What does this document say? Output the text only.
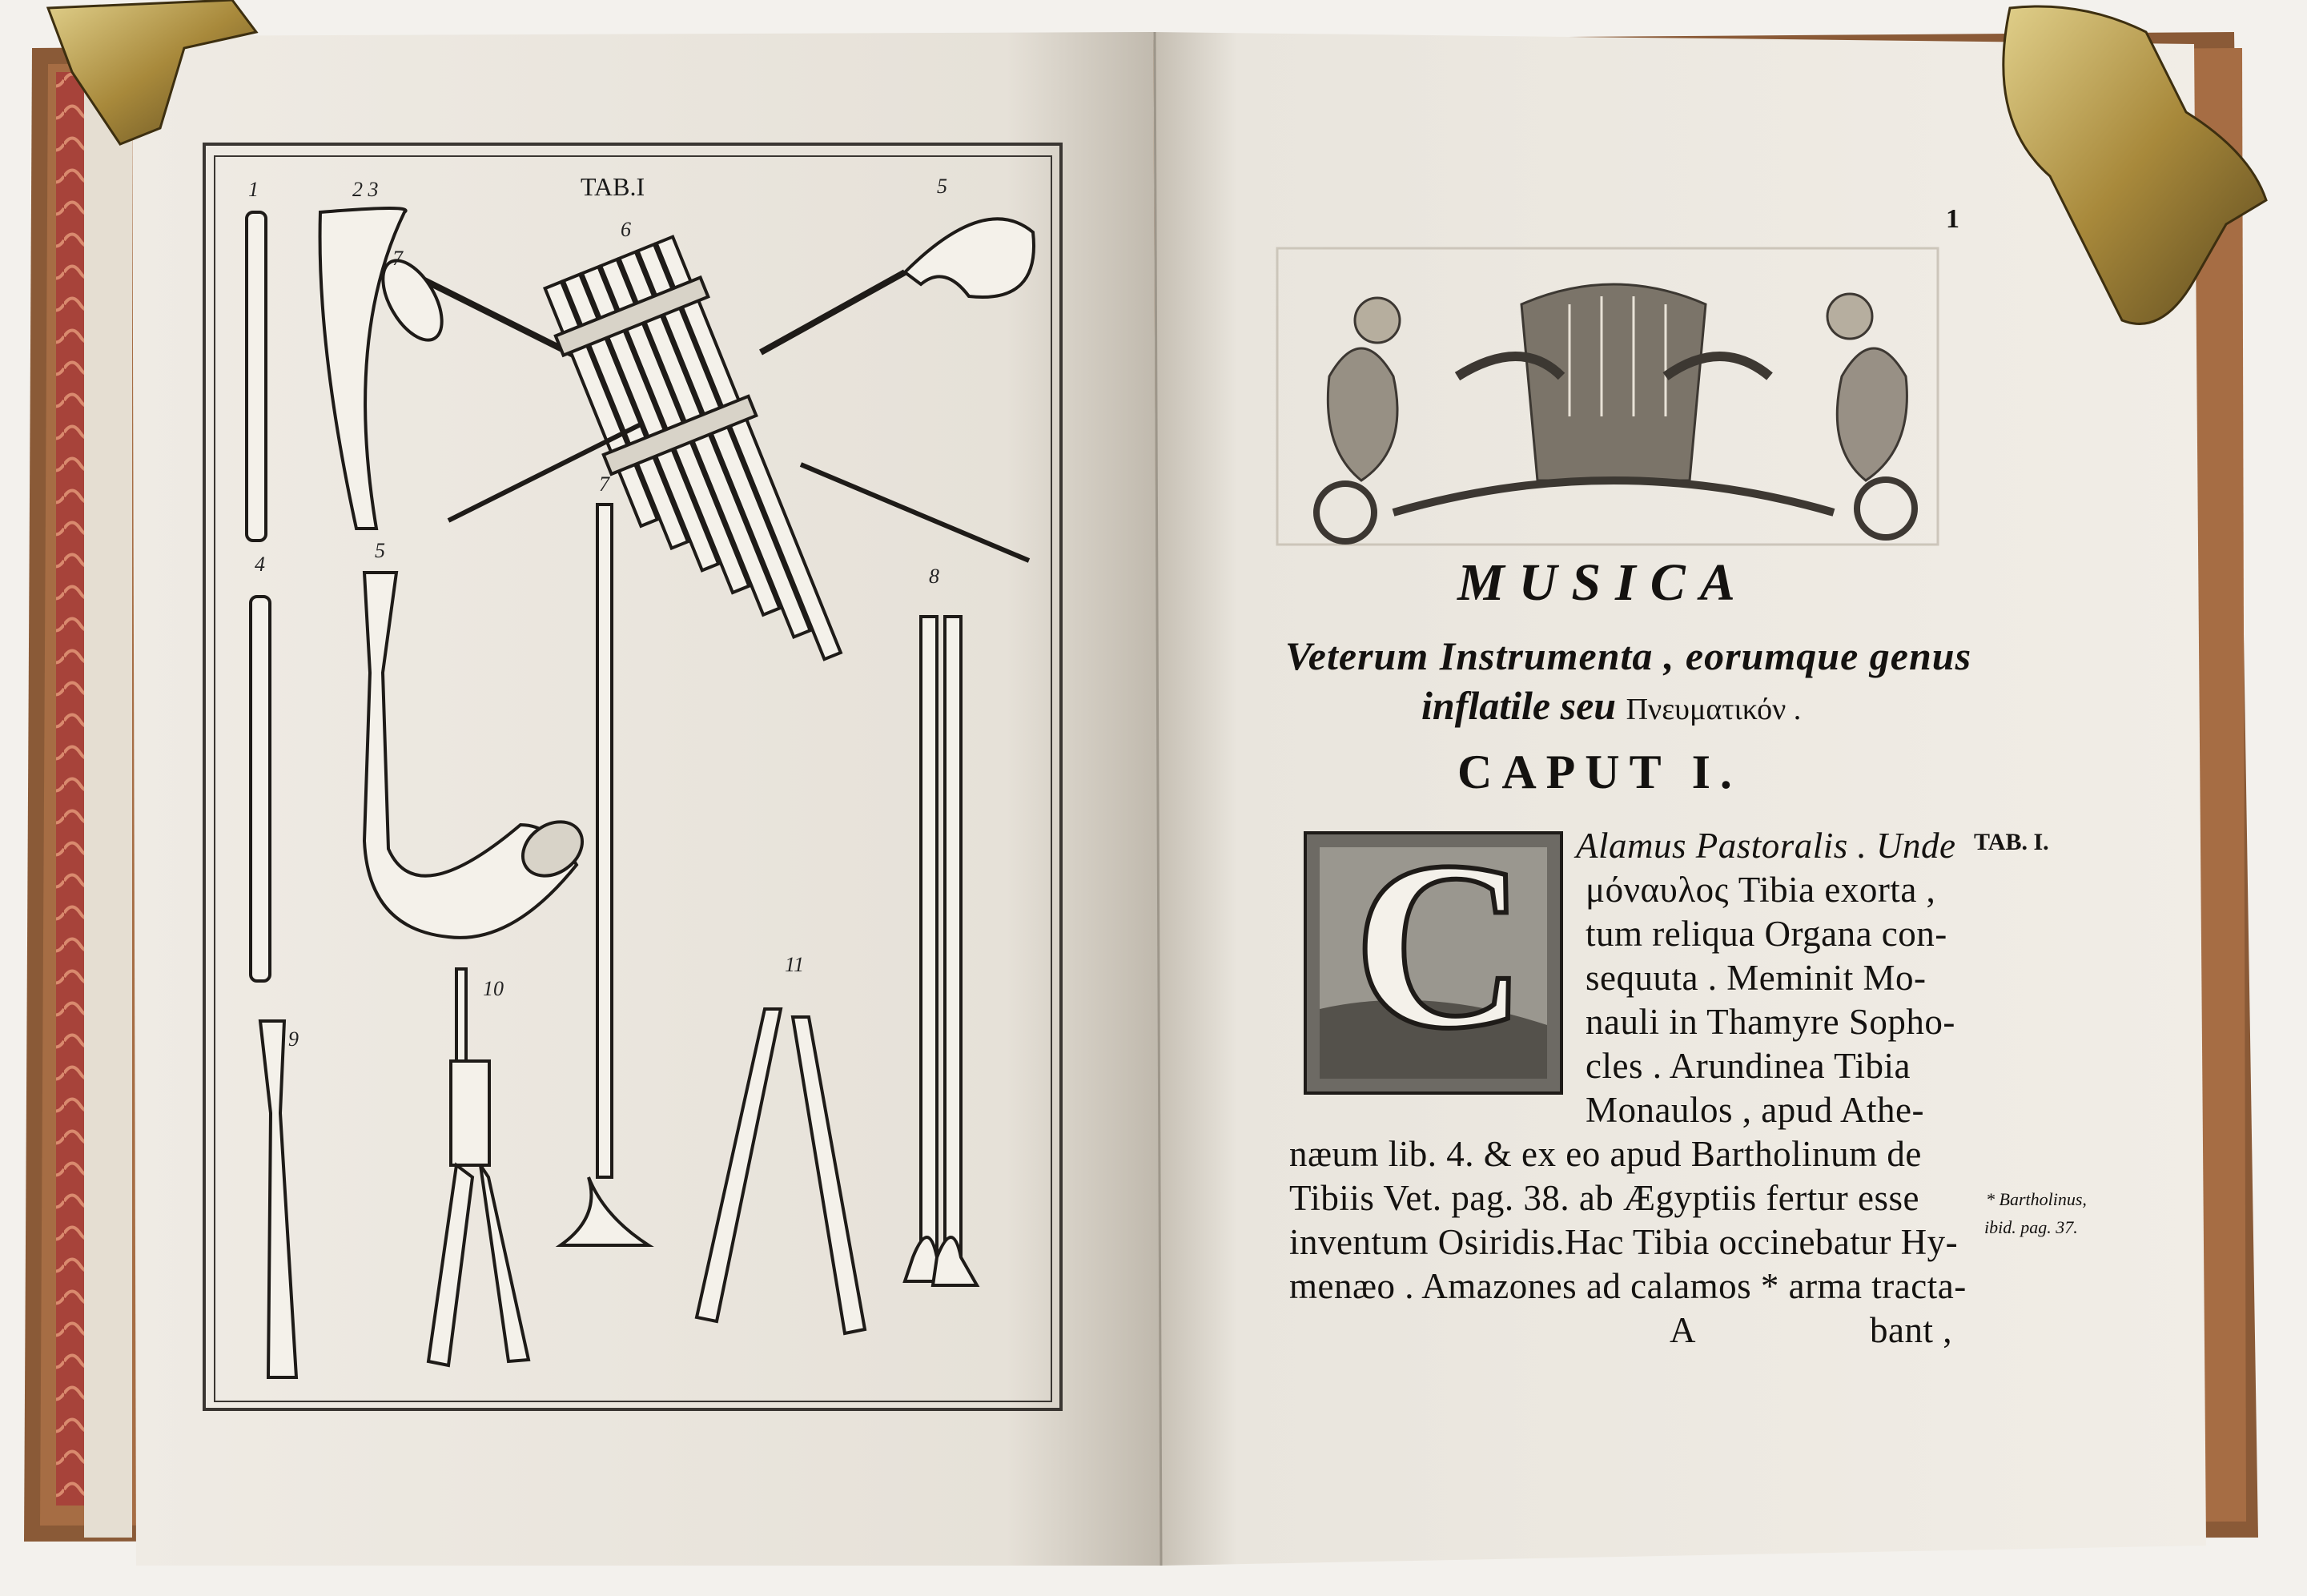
TAB.I
1	2 3	5
6
7
4
5
7
8
9
10
11
1
MUSICA
Veterum Instrumenta , eorumque genus
inflatile seu Πνευματικόν .
CAPUT I.
TAB. I.
C Alamus Pastoralis . Unde
μόναυλος Tibia exorta ,
tum reliqua Organa con-
sequuta . Meminit Mo-
nauli in Thamyre Sopho-
cles . Arundinea Tibia
Monaulos , apud Athe-
næum lib. 4. & ex eo apud Bartholinum de
Tibiis Vet. pag. 38. ab Ægyptiis fertur esse
inventum Osiridis.Hac Tibia occinebatur Hy-
menæo . Amazones ad calamos * arma tracta-
A	bant ,
* Bartholinus,
ibid. pag. 37.
